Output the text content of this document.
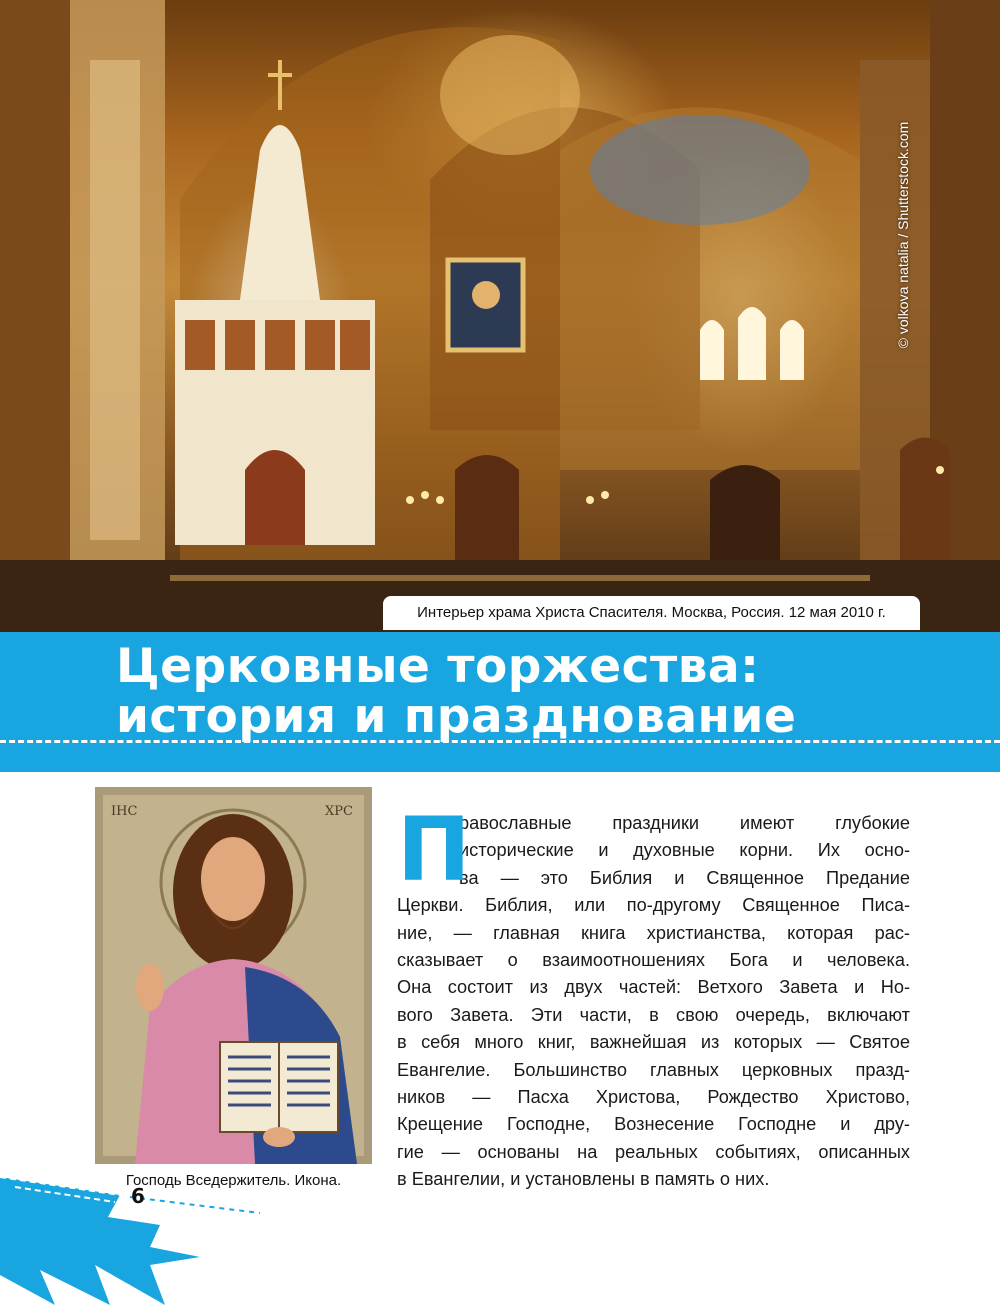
© volkova natalia / Shutterstock.com
Интерьер храма Христа Спасителя. Москва, Россия. 12 мая 2010 г.
Церковные торжества:
история и празднование
IHC	XPC
Господь Вседержитель. Икона.
П
равославные праздники имеют глубокие
исторические и духовные корни. Их осно-
ва — это Библия и Священное Предание
Церкви. Библия, или по-другому Священное Писа-
ние, — главная книга христианства, которая рас-
сказывает о взаимоотношениях Бога и человека.
Она состоит из двух частей: Ветхого Завета и Но-
вого Завета. Эти части, в свою очередь, включают
в себя много книг, важнейшая из которых — Святое
Евангелие. Большинство главных церковных празд-
ников — Пасха Христова, Рождество Христово,
Крещение Господне, Вознесение Господне и дру-
гие — основаны на реальных событиях, описанных
в Евангелии, и установлены в память о них.
6
